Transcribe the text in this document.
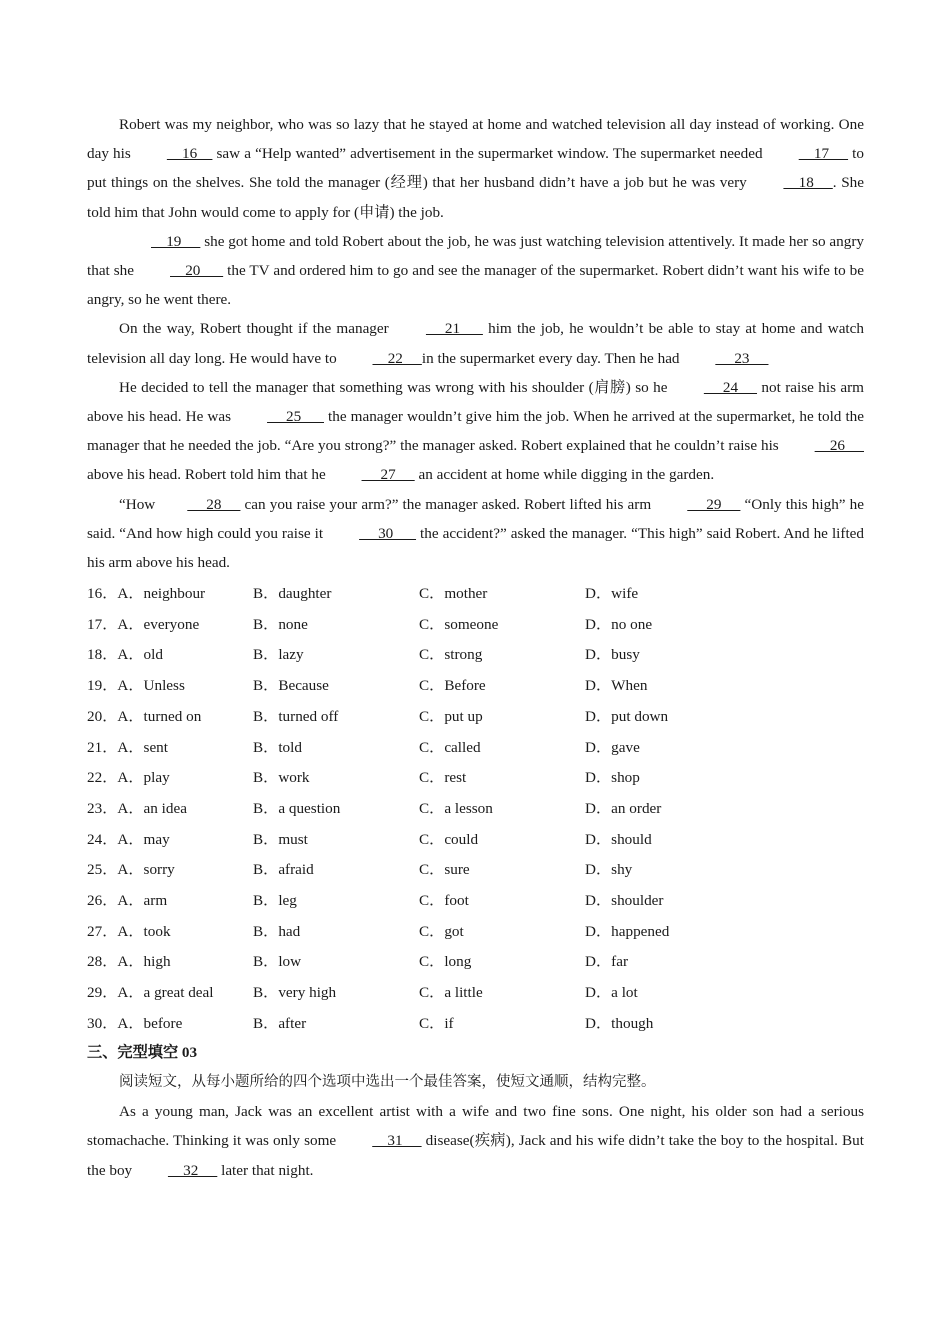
Robert was my neighbor, who was so lazy that he stayed at home and watched television all day instead of working. One day his     16     saw a “Help wanted” advertisement in the supermarket window. The supermarket needed     17      to put things on the shelves. She told the manager (经理) that her husband didn’t have a job but he was very     18     . She told him that John would come to apply for (申请) the job.

19      she got home and told Robert about the job, he was just watching television attentively. It made her so angry that she     20       the TV and ordered him to go and see the manager of the supermarket. Robert didn’t want his wife to be angry, so he went there.

On the way, Robert thought if the manager      21       him the job, he wouldn’t be able to stay at home and watch television all day long. He would have to     22     in the supermarket every day. Then he had      23

He decided to tell the manager that something was wrong with his shoulder (肩膀) so he      24      not raise his arm above his head. He was      25       the manager wouldn’t give him the job. When he arrived at the supermarket, he told the manager that he needed the job. “Are you strong?” the manager asked. Robert explained that he couldn’t raise his     26      above his head. Robert told him that he      27      an accident at home while digging in the garden.

“How     28      can you raise your arm?” the manager asked. Robert lifted his arm      29      “Only this high” he said. “And how high could you raise it      30       the accident?” asked the manager. “This high” said Robert. And he lifted his arm above his head.

16．A．neighbour	B．daughter	C．mother	D．wife
17．A．everyone	B．none	C．someone	D．no one
18．A．old	B．lazy	C．strong	D．busy
19．A．Unless	B．Because	C．Before	D．When
20．A．turned on	B．turned off	C．put up	D．put down
21．A．sent	B．told	C．called	D．gave
22．A．play	B．work	C．rest	D．shop
23．A．an idea	B．a question	C．a lesson	D．an order
24．A．may	B．must	C．could	D．should
25．A．sorry	B．afraid	C．sure	D．shy
26．A．arm	B．leg	C．foot	D．shoulder
27．A．took	B．had	C．got	D．happened
28．A．high	B．low	C．long	D．far
29．A．a great deal	B．very high	C．a little	D．a lot
30．A．before	B．after	C．if	D．though

三、完型填空 03

阅读短文，从每小题所给的四个选项中选出一个最佳答案，使短文通顺，结构完整。

As a young man, Jack was an excellent artist with a wife and two fine sons. One night, his older son had a serious stomachache. Thinking it was only some     31      disease(疾病), Jack and his wife didn’t take the boy to the hospital. But the boy     32      later that night.
